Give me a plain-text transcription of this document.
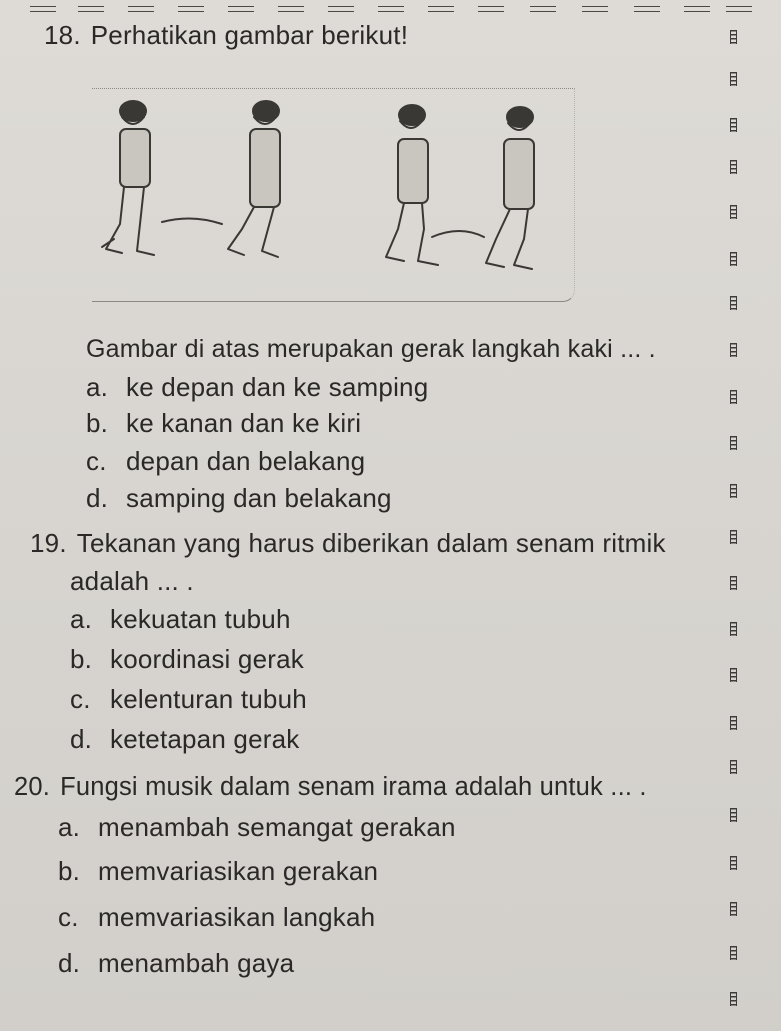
18. Perhatikan gambar berikut!

Gambar di atas merupakan gerak langkah kaki ... .

a. ke depan dan ke samping

b. ke kanan dan ke kiri

c. depan dan belakang

d. samping dan belakang

19. Tekanan yang harus diberikan dalam senam ritmik

adalah ... .

a. kekuatan tubuh

b. koordinasi gerak

c. kelenturan tubuh

d. ketetapan gerak

20. Fungsi musik dalam senam irama adalah untuk ... .

a. menambah semangat gerakan

b. memvariasikan gerakan

c. memvariasikan langkah

d. menambah gaya
